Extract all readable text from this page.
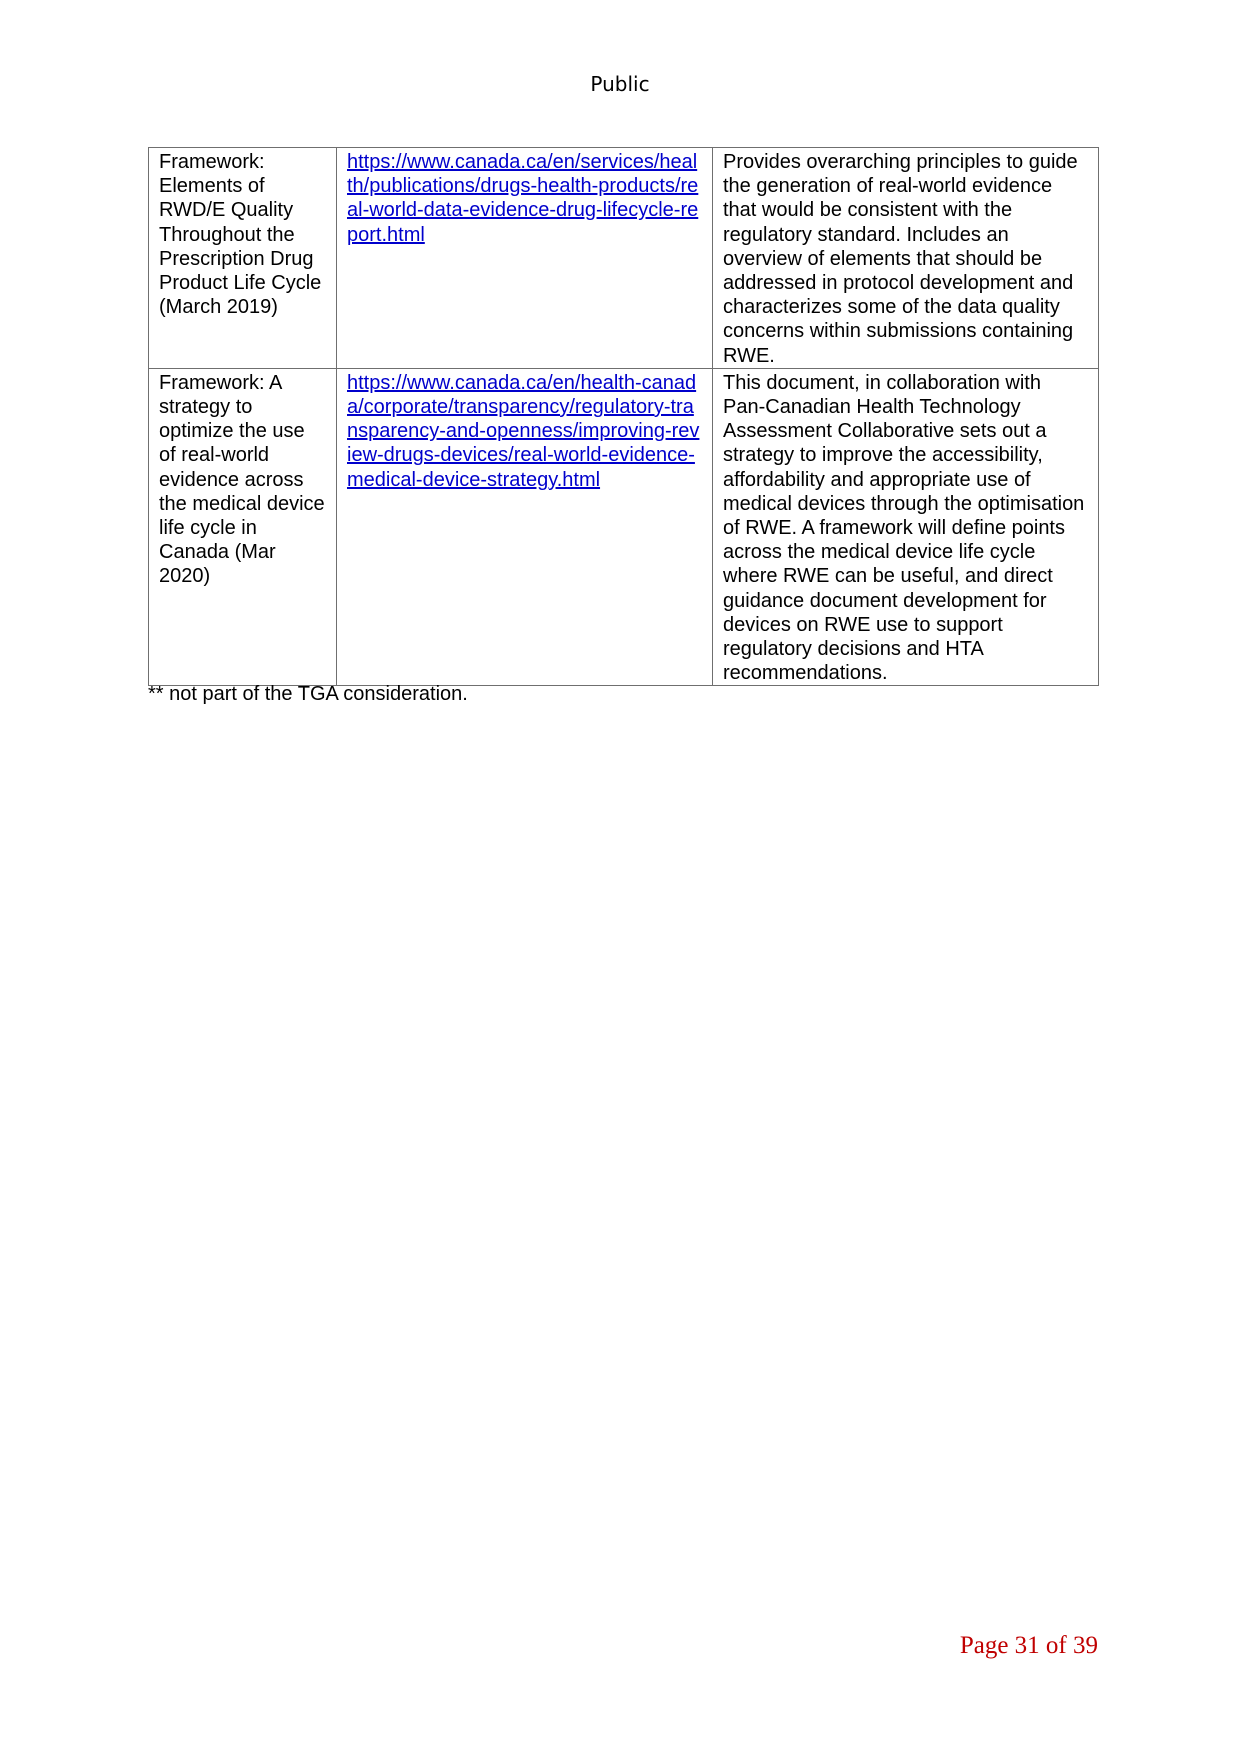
Public
Framework: Elements of RWD/E Quality Throughout the Prescription Drug Product Life Cycle (March 2019)	https://www.canada.ca/en/services/health/publications/drugs-health-products/real-world-data-evidence-drug-lifecycle-report.html	Provides overarching principles to guide the generation of real-world evidence that would be consistent with the regulatory standard. Includes an overview of elements that should be addressed in protocol development and characterizes some of the data quality concerns within submissions containing RWE.
Framework: A strategy to optimize the use of real-world evidence across the medical device life cycle in Canada (Mar 2020)	https://www.canada.ca/en/health-canada/corporate/transparency/regulatory-transparency-and-openness/improving-review-drugs-devices/real-world-evidence-medical-device-strategy.html	This document, in collaboration with Pan-Canadian Health Technology Assessment Collaborative sets out a strategy to improve the accessibility, affordability and appropriate use of medical devices through the optimisation of RWE. A framework will define points across the medical device life cycle where RWE can be useful, and direct guidance document development for devices on RWE use to support regulatory decisions and HTA recommendations.
** not part of the TGA consideration.
Page 31 of 39
